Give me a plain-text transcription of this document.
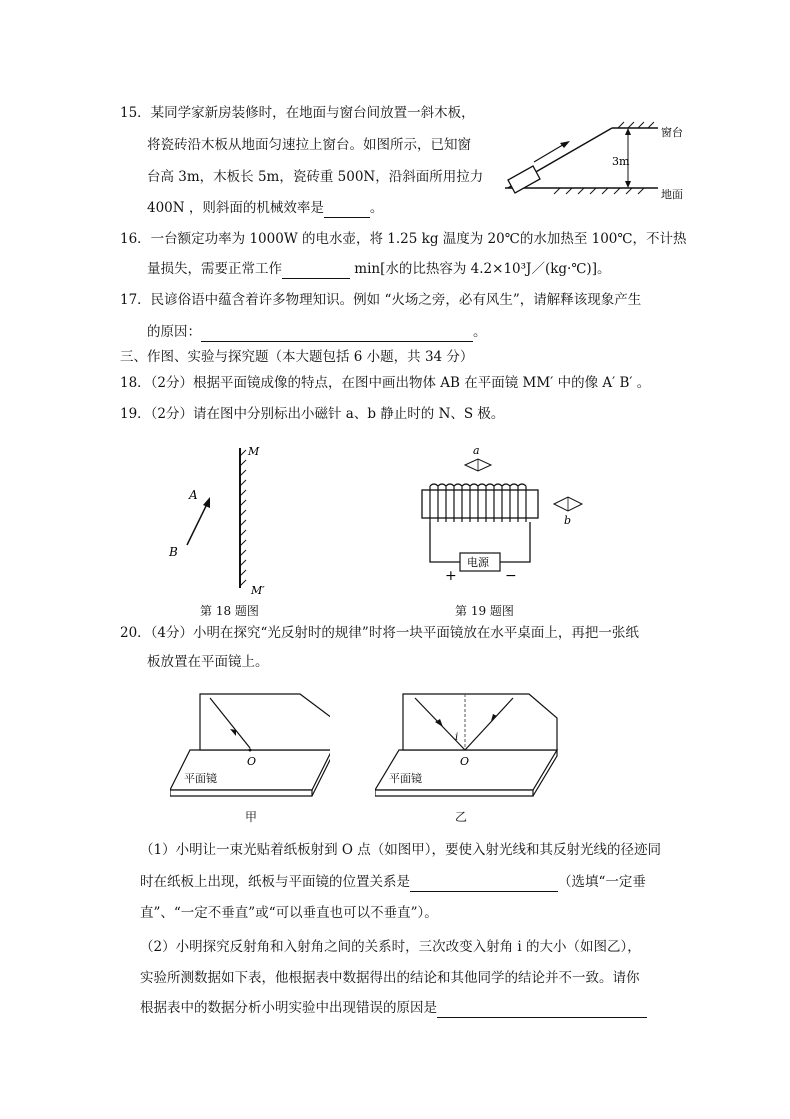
15．某同学家新房装修时，在地面与窗台间放置一斜木板，
将瓷砖沿木板从地面匀速拉上窗台。如图所示，已知窗
台高 3m，木板长 5m，瓷砖重 500N，沿斜面所用拉力
400N ，则斜面的机械效率是	。
3m
窗台
地面
16．一台额定功率为 1000W 的电水壶，将 1.25 kg 温度为 20℃的水加热至 100℃，不计热
量损失，需要正常工作	min[水的比热容为 4.2×10³J／(kg·℃)]。
17．民谚俗语中蕴含着许多物理知识。例如 “火场之旁，必有风生”，请解释该现象产生
的原因：	。
三、作图、实验与探究题（本大题包括 6 小题，共 34 分）
18．（2分）根据平面镜成像的特点，在图中画出物体 AB 在平面镜 MM′ 中的像 A′ B′ 。
19．（2分）请在图中分别标出小磁针 a、b 静止时的 N、S 极。
M
M′
A
B
第 18 题图
a
b
电源
+	−
第 19 题图
20．（4分）小明在探究“光反射时的规律”时将一块平面镜放在水平桌面上，再把一张纸
板放置在平面镜上。
O
平面镜
甲
i
O
平面镜
乙
（1）小明让一束光贴着纸板射到 O 点（如图甲），要使入射光线和其反射光线的径迹同
时在纸板上出现，纸板与平面镜的位置关系是	（选填“一定垂
直”、“一定不垂直”或“可以垂直也可以不垂直”）。
（2）小明探究反射角和入射角之间的关系时，三次改变入射角 i 的大小（如图乙），
实验所测数据如下表，他根据表中数据得出的结论和其他同学的结论并不一致。请你
根据表中的数据分析小明实验中出现错误的原因是
